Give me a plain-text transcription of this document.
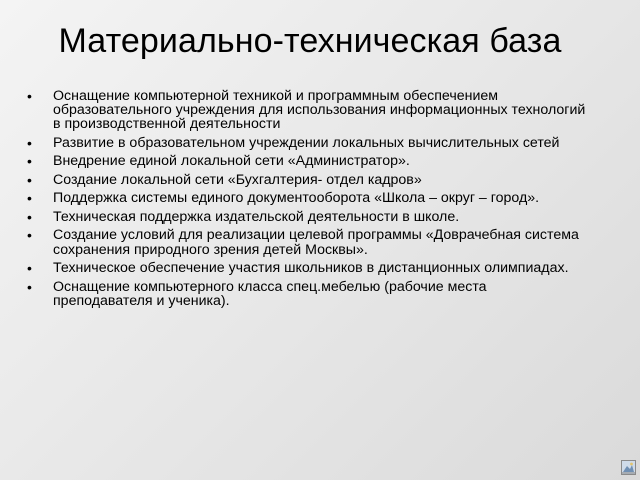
Материально-техническая база
•	Оснащение компьютерной техникой и программным обеспечением образовательного учреждения для использования информационных технологий в производственной деятельности
•	Развитие в образовательном учреждении локальных вычислительных сетей
•	Внедрение единой локальной сети «Администратор».
•	Создание локальной сети «Бухгалтерия- отдел кадров»
•	Поддержка системы единого документооборота «Школа – округ – город».
•	Техническая поддержка издательской деятельности в школе.
•	Создание условий для реализации целевой программы «Доврачебная система сохранения природного зрения детей Москвы».
•	Техническое обеспечение участия школьников в дистанционных олимпиадах.
•	Оснащение компьютерного класса спец.мебелью (рабочие места преподавателя и ученика).
